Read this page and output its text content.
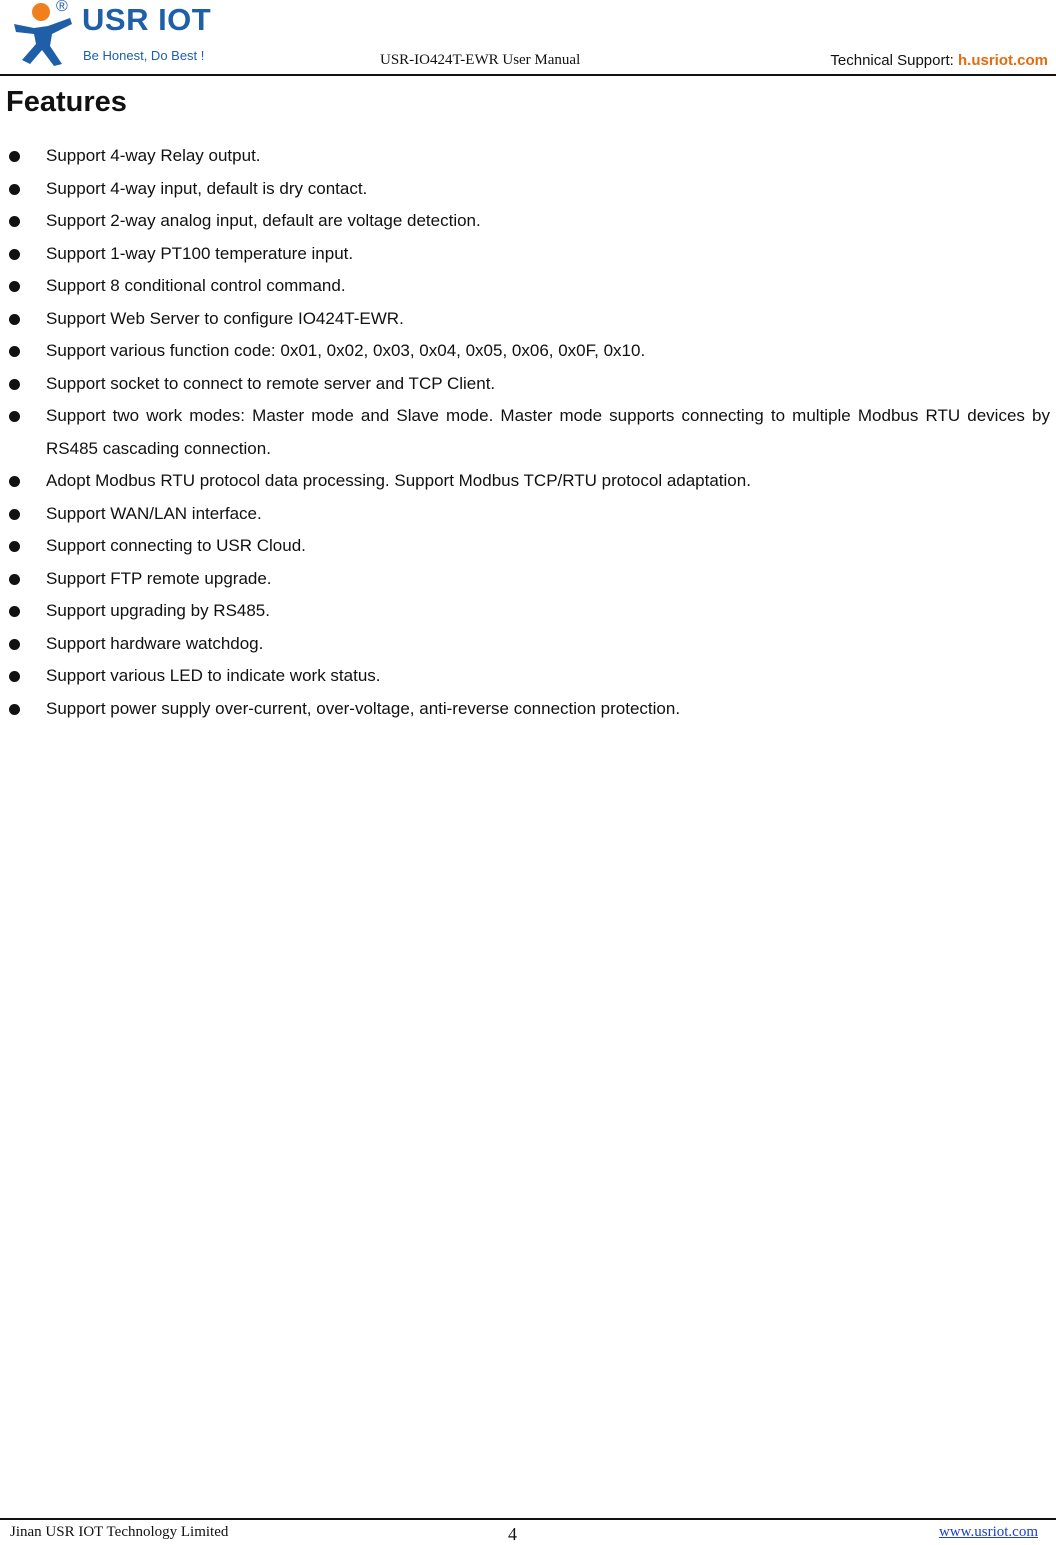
® USR IOT
Be Honest, Do Best !	USR-IO424T-EWR User Manual	Technical Support: h.usriot.com
Features
Support 4-way Relay output.
Support 4-way input, default is dry contact.
Support 2-way analog input, default are voltage detection.
Support 1-way PT100 temperature input.
Support 8 conditional control command.
Support Web Server to configure IO424T-EWR.
Support various function code: 0x01, 0x02, 0x03, 0x04, 0x05, 0x06, 0x0F, 0x10.
Support socket to connect to remote server and TCP Client.
Support two work modes: Master mode and Slave mode. Master mode supports connecting to multiple Modbus RTU devices by RS485 cascading connection.
Adopt Modbus RTU protocol data processing. Support Modbus TCP/RTU protocol adaptation.
Support WAN/LAN interface.
Support connecting to USR Cloud.
Support FTP remote upgrade.
Support upgrading by RS485.
Support hardware watchdog.
Support various LED to indicate work status.
Support power supply over-current, over-voltage, anti-reverse connection protection.
Jinan USR IOT Technology Limited	4	www.usriot.com
